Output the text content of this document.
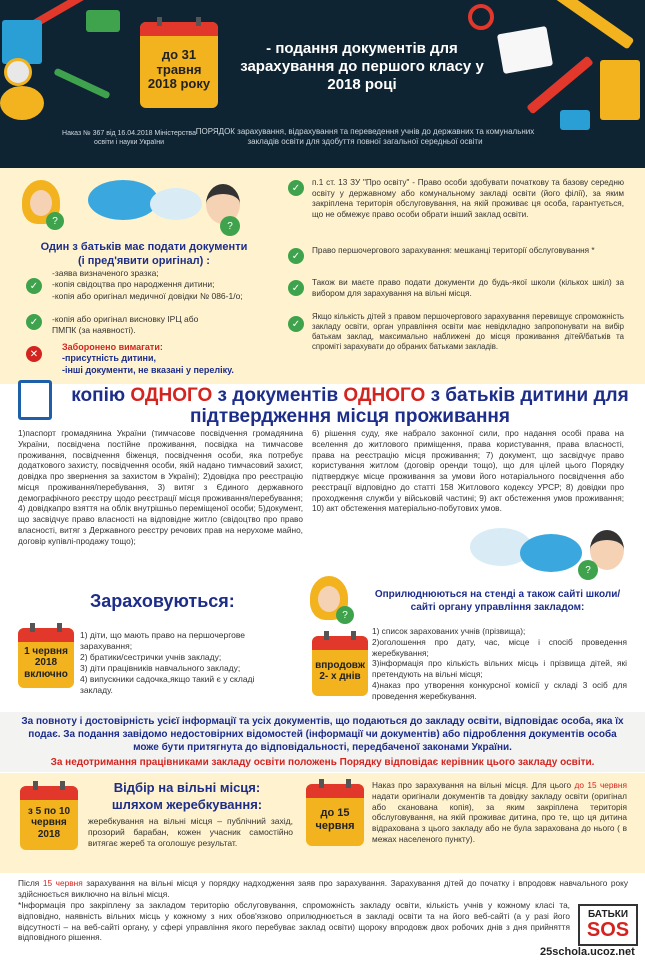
до 31
травня
2018 року
- подання документів для зарахування до першого класу у 2018 році
Наказ № 367 від 16.04.2018 Міністерства освіти і науки України
ПОРЯДОК зарахування, відрахування та переведення учнів до державних та комунальних закладів освіти для здобуття повної загальної середньої освіти
?
?
Один з батьків має подати документи
(і пред'явити оригінал) :
✓
-заява визначеного зразка;
-копія свідоцтва про народження дитини;
-копія або оригінал медичної довідки № 086-1/о;
✓	-копія або оригінал висновку ІРЦ або ПМПК (за наявності).
✕
Заборонено вимагати:
-присутність дитини,
-інші документи, не вказані у переліку.
✓	п.1 ст. 13 ЗУ "Про освіту" - Право особи здобувати початкову та базову середню освіту у державному або комунальному закладі освіти (його філії), за яким закріплена територія обслуговування, на якій проживає ця особа, гарантується, що не обмежує право особи обрати інший заклад освіти.
✓	Право першочергового зарахування: мешканці території обслуговування *
✓	Також ви маєте право подати документи до будь-якої школи (кількох шкіл) за вибором для зарахування на вільні місця.
✓
Якщо кількість дітей з правом першочергового зарахування перевищує спроможність закладу освіти, орган управління освіти має невідкладно запропонувати на вибір батькам заклад, максимально наближені до місця проживання дітей/батьків та спроміті зарахувати до обраних батьками закладів.
копію ОДНОГО з документів ОДНОГО з батьків дитини для підтвердження місця проживання
1)паспорт громадянина України (тимчасове посвідчення громадянина України, посвідчена постійне проживання, посвідка на тимчасове проживання, посвідчення біженця, посвідчення особи, яка потребує додаткового захисту, посвідчення особи, якій надано тимчасовий захист, довідка про звернення за захистом в Україні); 2)довідка про реєстрацію місця проживання/перебування, 3) витяг з Єдиного державного демографічного реєстру щодо реєстрації місця проживання/перебування; 4) довідкапро взяття на облік внутрішньо переміщеної особи; 5)документ, що засвідчує право власності на відповідне житло (свідоцтво про право власності, витяг з Державного реєстру речових прав на нерухоме майно, договір купівлі-продажу тощо);
6) рішення суду, яке набрало законної сили, про надання особі права на вселення до житлового приміщення, права користування, права власності, права на реєстрацію місця проживання; 7) документ, що засвідчує право користування житлом (договір оренди тощо), що для цілей цього Порядку підтверджує місце проживання за умови його нотаріального посвідчення або реєстрації відповідно до статті 158 Житлового кодексу УРСР; 8) довідки про проходження служби у військовій частині; 9) акт обстеження умов проживання; 10) акт обстеження матеріально-побутових умов.
?
Зараховуються:
1 червня
2018
включно
1) діти, що мають право на першочергове зарахування;
2) братики/сестрички учнів закладу;
3) діти працівників навчального закладу;
4) випускники садочка,якщо такий є у складі закладу.
?
Оприлюднюються на стенді а також сайті школи/сайті органу управління закладом:
впродовж
2- х днів
1) список зарахованих учнів (прізвища);
2)оголошення про дату, час, місце і спосіб проведення жеребкування;
3)інформація про кількість вільних місць і прізвища дітей, які претендують на вільні місця;
4)наказ про утворення конкурсної комісії у складі 3 осіб для проведення жеребкування.
За повноту і достовірність усієї інформації та усіх документів, що подаються до закладу освіти, відповідає особа, яка їх подає. За подання завідомо недостовірних відомостей (інформації чи документів) або підроблення документів особа може бути притягнута до відповідальності, передбаченої законами України.
За недотримання працівниками закладу освіти положень Порядку відповідає керівник цього закладу освіти.
з 5 по 10
червня
2018
Відбір на вільні місця: шляхом жеребкування:
жеребкування на вільні місця – публічний захід, прозорий барабан, кожен учасник самостійно витягає жереб та оголошує результат.
до 15
червня
Наказ про зарахування на вільні місця. Для цього до 15 червня надати оригінали документів та довідку закладу освіти (оригінал або сканована копія), за яким закріплена територія обслуговування, на якій проживає дитина, про те, що ця дитина відрахована з цього закладу або не була зарахована до нього ( в межах населеного пункту).
Після 15 червня зарахування на вільні місця у порядку надходження заяв про зарахування. Зарахування дітей до початку і впродовж навчального року здійснюється виключно на вільні місця.
*Інформація про закріплену за закладом територію обслуговування, спроможність закладу освіти, кількість учнів у кожному класі та, відповідно, наявність вільних місць у кожному з них обов'язково оприлюднюється в закладі освіти та на його веб-сайті (а у разі його відсутності – на веб-сайті органу, у сфері управління якого перебуває заклад освіти) щороку впродовж двох робочих днів з дня прийняття відповідного рішення.
БАТЬКИ
SOS
25schola.ucoz.net
